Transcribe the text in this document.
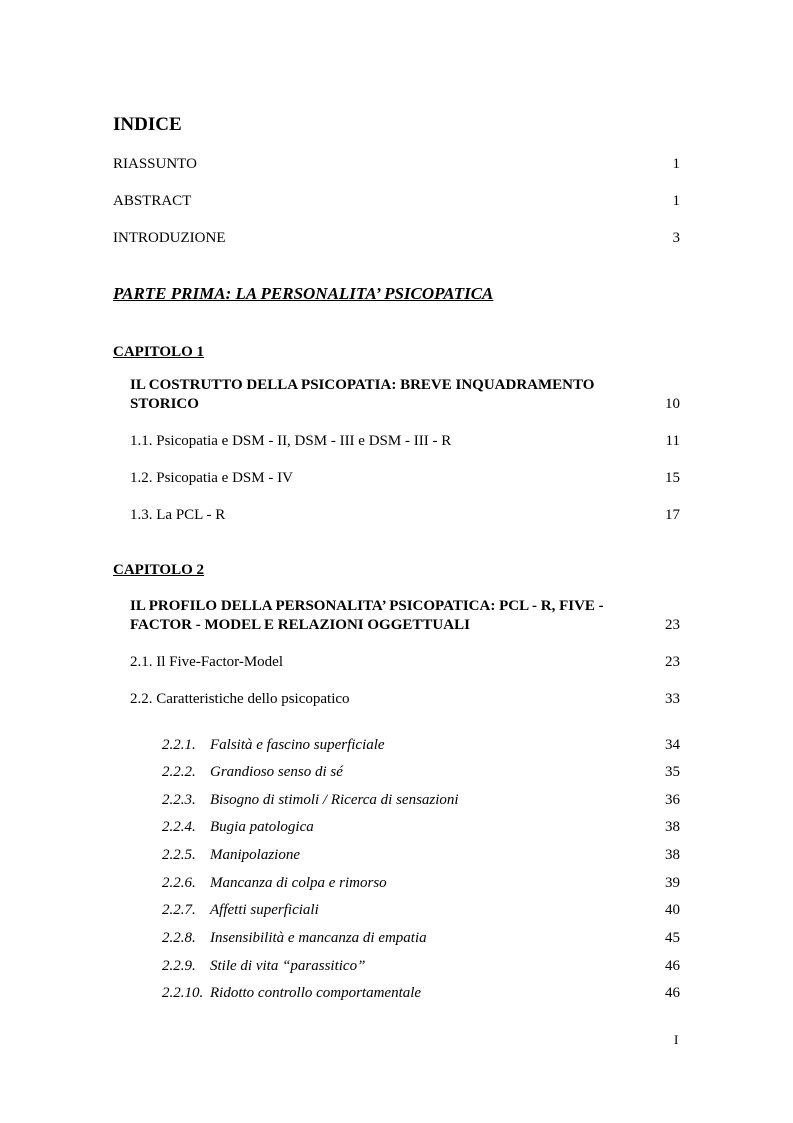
INDICE
RIASSUNTO	1
ABSTRACT	1
INTRODUZIONE	3
PARTE PRIMA: LA PERSONALITA’ PSICOPATICA
CAPITOLO 1
IL COSTRUTTO DELLA PSICOPATIA: BREVE INQUADRAMENTO
STORICO	10
1.1. Psicopatia e DSM - II, DSM - III e DSM - III - R	11
1.2. Psicopatia e DSM - IV	15
1.3. La PCL - R	17
CAPITOLO 2
IL PROFILO DELLA PERSONALITA’ PSICOPATICA: PCL - R, FIVE -
FACTOR - MODEL E RELAZIONI OGGETTUALI	23
2.1. Il Five-Factor-Model	23
2.2. Caratteristiche dello psicopatico	33
2.2.1. Falsità e fascino superficiale	34
2.2.2. Grandioso senso di sé	35
2.2.3. Bisogno di stimoli / Ricerca di sensazioni	36
2.2.4. Bugia patologica	38
2.2.5. Manipolazione	38
2.2.6. Mancanza di colpa e rimorso	39
2.2.7. Affetti superficiali	40
2.2.8. Insensibilità e mancanza di empatia	45
2.2.9. Stile di vita “parassitico”	46
2.2.10. Ridotto controllo comportamentale	46
I
